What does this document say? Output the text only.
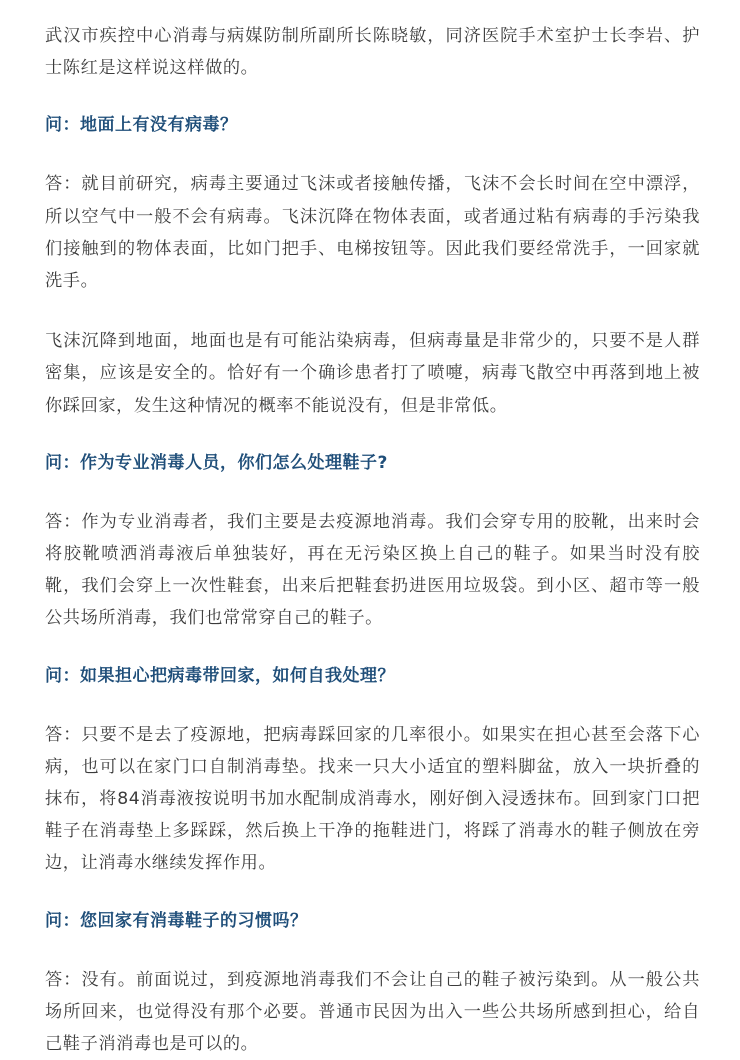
武汉市疾控中心消毒与病媒防制所副所长陈晓敏，同济医院手术室护士长李岩、护士陈红是这样说这样做的。

问：地面上有没有病毒？

答：就目前研究，病毒主要通过飞沫或者接触传播，飞沫不会长时间在空中漂浮，所以空气中一般不会有病毒。飞沫沉降在物体表面，或者通过粘有病毒的手污染我们接触到的物体表面，比如门把手、电梯按钮等。因此我们要经常洗手，一回家就洗手。

飞沫沉降到地面，地面也是有可能沾染病毒，但病毒量是非常少的，只要不是人群密集，应该是安全的。恰好有一个确诊患者打了喷嚏，病毒飞散空中再落到地上被你踩回家，发生这种情况的概率不能说没有，但是非常低。

问：作为专业消毒人员，你们怎么处理鞋子?

答：作为专业消毒者，我们主要是去疫源地消毒。我们会穿专用的胶靴，出来时会将胶靴喷洒消毒液后单独装好，再在无污染区换上自己的鞋子。如果当时没有胶靴，我们会穿上一次性鞋套，出来后把鞋套扔进医用垃圾袋。到小区、超市等一般公共场所消毒，我们也常常穿自己的鞋子。

问：如果担心把病毒带回家，如何自我处理？

答：只要不是去了疫源地，把病毒踩回家的几率很小。如果实在担心甚至会落下心病，也可以在家门口自制消毒垫。找来一只大小适宜的塑料脚盆，放入一块折叠的抹布，将84消毒液按说明书加水配制成消毒水，刚好倒入浸透抹布。回到家门口把鞋子在消毒垫上多踩踩，然后换上干净的拖鞋进门，将踩了消毒水的鞋子侧放在旁边，让消毒水继续发挥作用。

问：您回家有消毒鞋子的习惯吗？

答：没有。前面说过，到疫源地消毒我们不会让自己的鞋子被污染到。从一般公共场所回来，也觉得没有那个必要。普通市民因为出入一些公共场所感到担心，给自己鞋子消消毒也是可以的。
